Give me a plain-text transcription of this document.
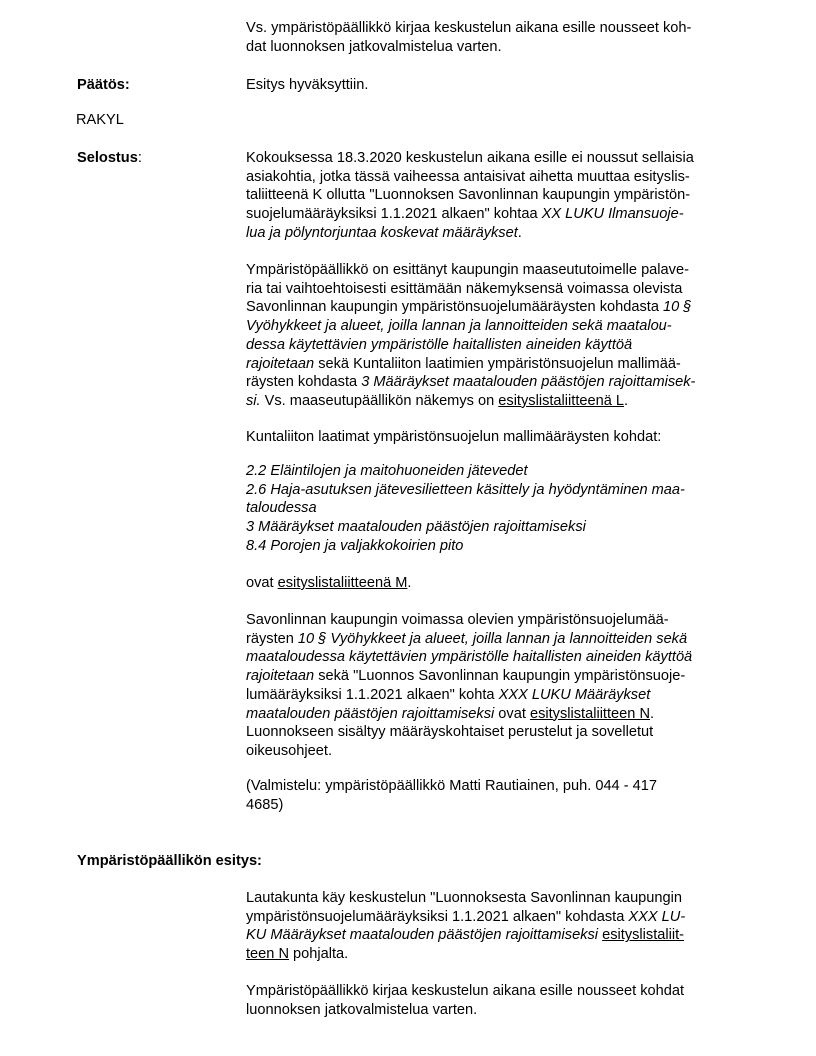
Vs. ympäristöpäällikkö kirjaa keskustelun aikana esille nousseet koh-
dat luonnoksen jatkovalmistelua varten.
Päätös:	Esitys hyväksyttiin.
RAKYL
Selostus:	Kokouksessa 18.3.2020 keskustelun aikana esille ei noussut sellaisia
asiakohtia, jotka tässä vaiheessa antaisivat aihetta muuttaa esityslis-
taliitteenä K ollutta "Luonnoksen Savonlinnan kaupungin ympäristön-
suojelumääräyksiksi 1.1.2021 alkaen" kohtaa XX LUKU Ilmansuoje-
lua ja pölyntorjuntaa koskevat määräykset.
Ympäristöpäällikkö on esittänyt kaupungin maaseututoimelle palave-
ria tai vaihtoehtoisesti esittämään näkemyksensä voimassa olevista
Savonlinnan kaupungin ympäristönsuojelumääräysten kohdasta 10 §
Vyöhykkeet ja alueet, joilla lannan ja lannoitteiden sekä maatalou-
dessa käytettävien ympäristölle haitallisten aineiden käyttöä
rajoitetaan sekä Kuntaliiton laatimien ympäristönsuojelun mallimää-
räysten kohdasta 3 Määräykset maatalouden päästöjen rajoittamisek-
si. Vs. maaseutupäällikön näkemys on esityslistaliitteenä L.
Kuntaliiton laatimat ympäristönsuojelun mallimääräysten kohdat:
2.2 Eläintilojen ja maitohuoneiden jätevedet
2.6 Haja-asutuksen jätevesilietteen käsittely ja hyödyntäminen maa-
taloudessa
3 Määräykset maatalouden päästöjen rajoittamiseksi
8.4 Porojen ja valjakkokoirien pito
ovat esityslistaliitteenä M.
Savonlinnan kaupungin voimassa olevien ympäristönsuojelumää-
räysten 10 § Vyöhykkeet ja alueet, joilla lannan ja lannoitteiden sekä
maataloudessa käytettävien ympäristölle haitallisten aineiden käyttöä
rajoitetaan sekä "Luonnos Savonlinnan kaupungin ympäristönsuoje-
lumääräyksiksi 1.1.2021 alkaen" kohta XXX LUKU Määräykset
maatalouden päästöjen rajoittamiseksi ovat esityslistaliitteen N.
Luonnokseen sisältyy määräyskohtaiset perustelut ja sovelletut
oikeusohjeet.
(Valmistelu: ympäristöpäällikkö Matti Rautiainen, puh. 044 - 417
4685)
Ympäristöpäällikön esitys:
Lautakunta käy keskustelun "Luonnoksesta Savonlinnan kaupungin
ympäristönsuojelumääräyksiksi 1.1.2021 alkaen" kohdasta XXX LU-
KU Määräykset maatalouden päästöjen rajoittamiseksi esityslistaliit-
teen N pohjalta.
Ympäristöpäällikkö kirjaa keskustelun aikana esille nousseet kohdat
luonnoksen jatkovalmistelua varten.
